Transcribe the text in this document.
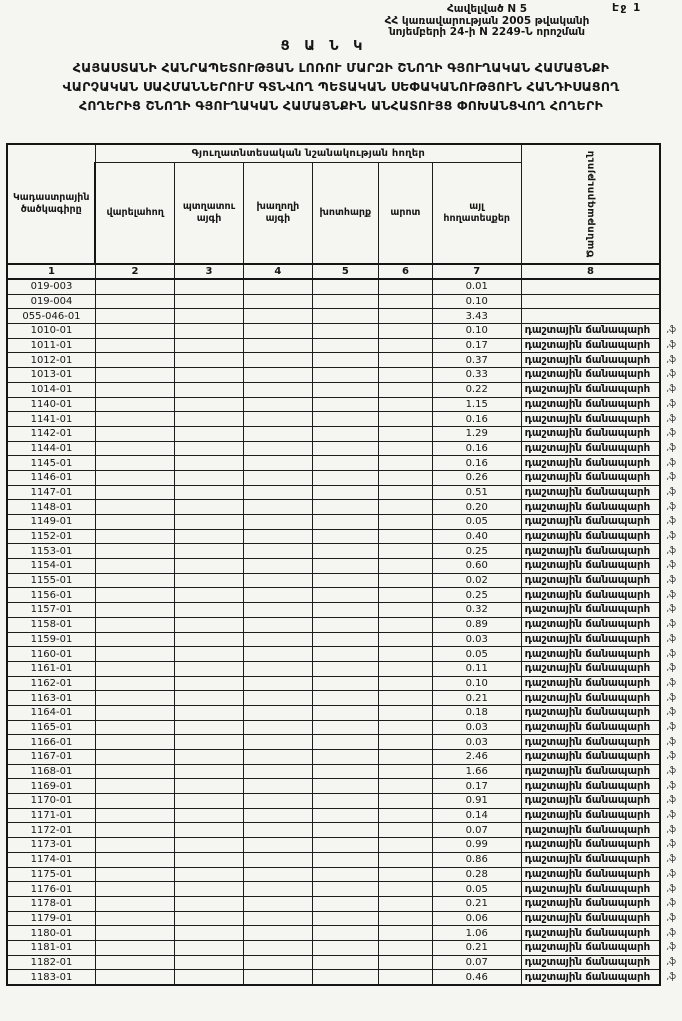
Էջ 1
Հավելված N 5
ՀՀ կառավարության 2005 թվականի
նոյեմբերի 24-ի N 2249-Ն որոշման
Ց Ա Ն Կ
ՀԱՅԱՍՏԱՆԻ ՀԱՆՐԱՊԵՏՈՒԹՅԱՆ ԼՈՌՈՒ ՄԱՐԶԻ ՇՆՈՂԻ ԳՅՈՒՂԱԿԱՆ ՀԱՄԱՅՆՔԻ
ՎԱՐՉԱԿԱՆ ՍԱՀՄԱՆՆԵՐՈՒՄ ԳՏՆՎՈՂ ՊԵՏԱԿԱՆ ՍԵՓԱԿԱՆՈՒԹՅՈՒՆ ՀԱՆԴԻՍԱՑՈՂ
ՀՈՂԵՐԻՑ ՇՆՈՂԻ ԳՅՈՒՂԱԿԱՆ ՀԱՄԱՅՆՔԻՆ ԱՆՀԱՏՈՒՅՑ ՓՈԽԱՆՑՎՈՂ ՀՈՂԵՐԻ
Կադաստրային ծածկագիրը	Գյուղատնտեսական նշանակության հողեր						Ծանոթագրություն	

	վարելահող	պտղատու այգի	խաղողի այգի	խոտհարք	արոտ	այլ հողատեսքեր		
1	2	3	4	5	6	7	8	
019-003						0.01		
019-004						0.10		
055-046-01						3.43		
1010-01						0.10	դաշտային ճանապարհ	,ֆ
1011-01						0.17	դաշտային ճանապարհ	,ֆ
1012-01						0.37	դաշտային ճանապարհ	,ֆ
1013-01						0.33	դաշտային ճանապարհ	,ֆ
1014-01						0.22	դաշտային ճանապարհ	,ֆ
1140-01						1.15	դաշտային ճանապարհ	,ֆ
1141-01						0.16	դաշտային ճանապարհ	,ֆ
1142-01						1.29	դաշտային ճանապարհ	,ֆ
1144-01						0.16	դաշտային ճանապարհ	,ֆ
1145-01						0.16	դաշտային ճանապարհ	,ֆ
1146-01						0.26	դաշտային ճանապարհ	,ֆ
1147-01						0.51	դաշտային ճանապարհ	,ֆ
1148-01						0.20	դաշտային ճանապարհ	,ֆ
1149-01						0.05	դաշտային ճանապարհ	,ֆ
1152-01						0.40	դաշտային ճանապարհ	,ֆ
1153-01						0.25	դաշտային ճանապարհ	,ֆ
1154-01						0.60	դաշտային ճանապարհ	,ֆ
1155-01						0.02	դաշտային ճանապարհ	,ֆ
1156-01						0.25	դաշտային ճանապարհ	,ֆ
1157-01						0.32	դաշտային ճանապարհ	,ֆ
1158-01						0.89	դաշտային ճանապարհ	,ֆ
1159-01						0.03	դաշտային ճանապարհ	,ֆ
1160-01						0.05	դաշտային ճանապարհ	,ֆ
1161-01						0.11	դաշտային ճանապարհ	,ֆ
1162-01						0.10	դաշտային ճանապարհ	,ֆ
1163-01						0.21	դաշտային ճանապարհ	,ֆ
1164-01						0.18	դաշտային ճանապարհ	,ֆ
1165-01						0.03	դաշտային ճանապարհ	,ֆ
1166-01						0.03	դաշտային ճանապարհ	,ֆ
1167-01						2.46	դաշտային ճանապարհ	,ֆ
1168-01						1.66	դաշտային ճանապարհ	,ֆ
1169-01						0.17	դաշտային ճանապարհ	,ֆ
1170-01						0.91	դաշտային ճանապարհ	,ֆ
1171-01						0.14	դաշտային ճանապարհ	,ֆ
1172-01						0.07	դաշտային ճանապարհ	,ֆ
1173-01						0.99	դաշտային ճանապարհ	,ֆ
1174-01						0.86	դաշտային ճանապարհ	,ֆ
1175-01						0.28	դաշտային ճանապարհ	,ֆ
1176-01						0.05	դաշտային ճանապարհ	,ֆ
1178-01						0.21	դաշտային ճանապարհ	,ֆ
1179-01						0.06	դաշտային ճանապարհ	,ֆ
1180-01						1.06	դաշտային ճանապարհ	,ֆ
1181-01						0.21	դաշտային ճանապարհ	,ֆ
1182-01						0.07	դաշտային ճանապարհ	,ֆ
1183-01						0.46	դաշտային ճանապարհ	,ֆ
